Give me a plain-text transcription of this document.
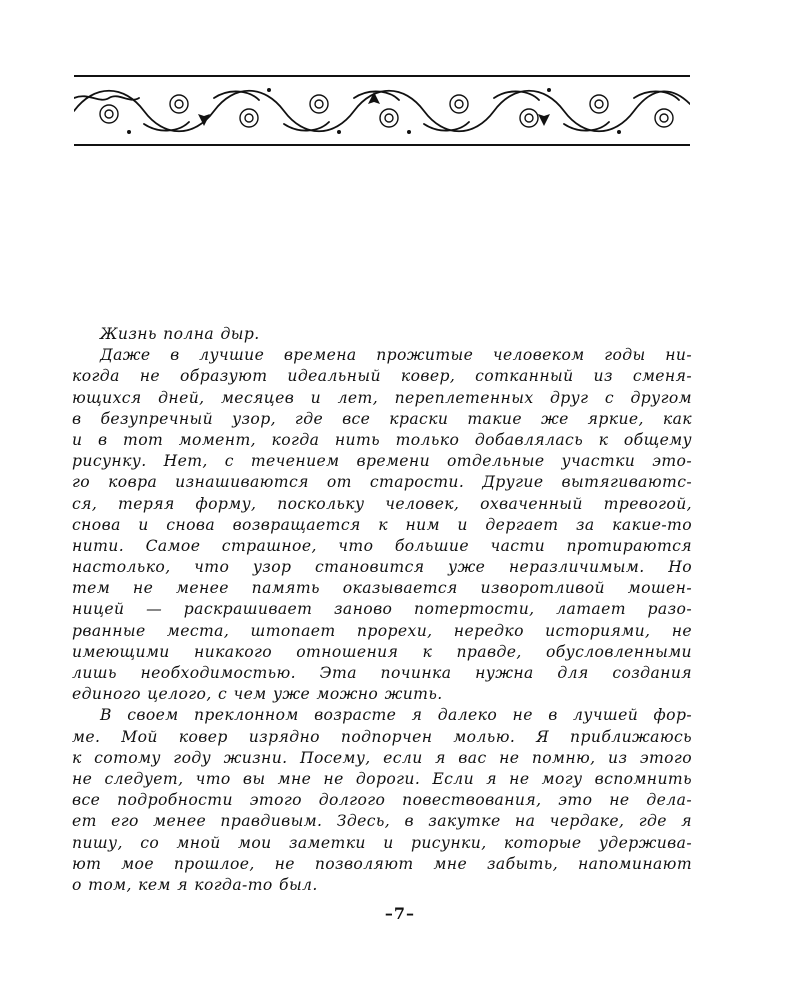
Жизнь полна дыр.
Даже в лучшие времена прожитые человеком годы ни-
когда не образуют идеальный ковер, сотканный из сменя-
ющихся дней, месяцев и лет, переплетенных друг с другом
в безупречный узор, где все краски такие же яркие, как
и в тот момент, когда нить только добавлялась к общему
рисунку. Нет, с течением времени отдельные участки это-
го ковра изнашиваются от старости. Другие вытягиваютс-
ся, теряя форму, поскольку человек, охваченный тревогой,
снова и снова возвращается к ним и дергает за какие-то
нити. Самое страшное, что большие части протираются
настолько, что узор становится уже неразличимым. Но
тем не менее память оказывается изворотливой мошен-
ницей — раскрашивает заново потертости, латает разо-
рванные места, штопает прорехи, нередко историями, не
имеющими никакого отношения к правде, обусловленными
лишь необходимостью. Эта починка нужна для создания
единого целого, с чем уже можно жить.
В своем преклонном возрасте я далеко не в лучшей фор-
ме. Мой ковер изрядно подпорчен молью. Я приближаюсь
к сотому году жизни. Посему, если я вас не помню, из этого
не следует, что вы мне не дороги. Если я не могу вспомнить
все подробности этого долгого повествования, это не дела-
ет его менее правдивым. Здесь, в закутке на чердаке, где я
пишу, со мной мои заметки и рисунки, которые удержива-
ют мое прошлое, не позволяют мне забыть, напоминают
о том, кем я когда-то был.
–7–
